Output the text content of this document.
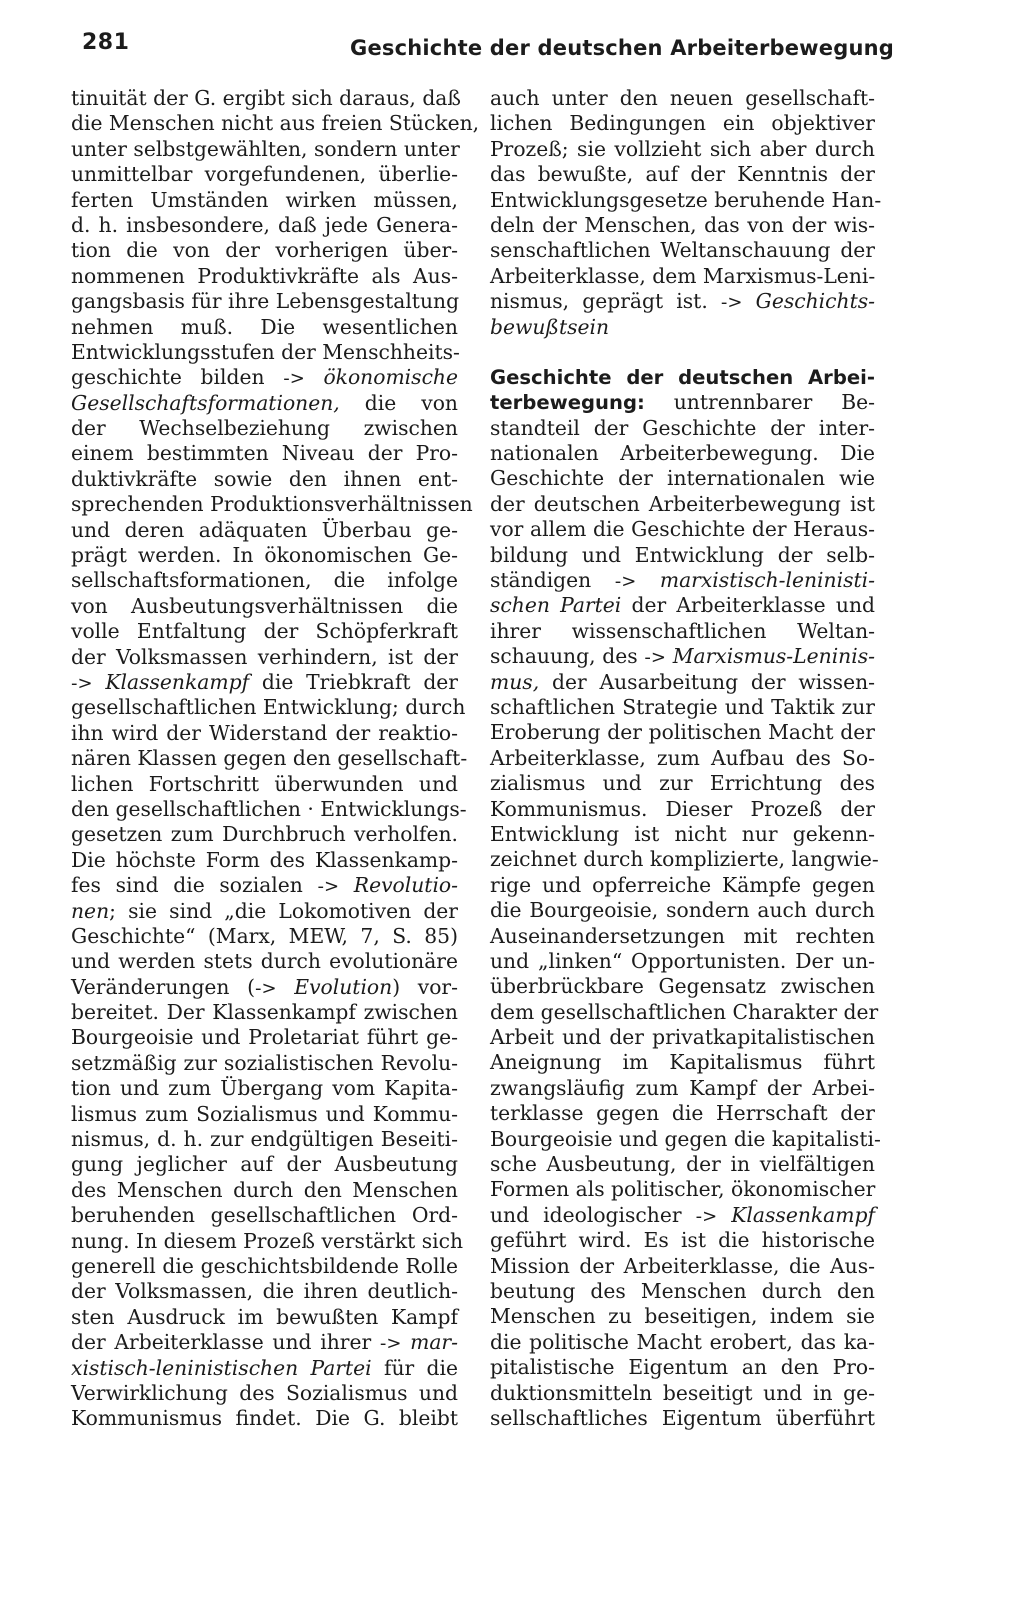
281	Geschichte der deutschen Arbeiterbewegung
tinuität der G. ergibt sich daraus, daß
die Menschen nicht aus freien Stücken,
unter selbstgewählten, sondern unter
unmittelbar vorgefundenen, überlie-
ferten Umständen wirken müssen,
d. h. insbesondere, daß jede Genera-
tion die von der vorherigen über-
nommenen Produktivkräfte als Aus-
gangsbasis für ihre Lebensgestaltung
nehmen muß. Die wesentlichen
Entwicklungsstufen der Menschheits-
geschichte bilden -> ökonomische
Gesellschaftsformationen, die von
der Wechselbeziehung zwischen
einem bestimmten Niveau der Pro-
duktivkräfte sowie den ihnen ent-
sprechenden Produktionsverhältnissen
und deren adäquaten Überbau ge-
prägt werden. In ökonomischen Ge-
sellschaftsformationen, die infolge
von Ausbeutungsverhältnissen die
volle Entfaltung der Schöpferkraft
der Volksmassen verhindern, ist der
-> Klassenkampf die Triebkraft der
gesellschaftlichen Entwicklung; durch
ihn wird der Widerstand der reaktio-
nären Klassen gegen den gesellschaft-
lichen Fortschritt überwunden und
den gesellschaftlichen · Entwicklungs-
gesetzen zum Durchbruch verholfen.
Die höchste Form des Klassenkamp-
fes sind die sozialen -> Revolutio-
nen; sie sind „die Lokomotiven der
Geschichte“ (Marx, MEW, 7, S. 85)
und werden stets durch evolutionäre
Veränderungen (-> Evolution) vor-
bereitet. Der Klassenkampf zwischen
Bourgeoisie und Proletariat führt ge-
setzmäßig zur sozialistischen Revolu-
tion und zum Übergang vom Kapita-
lismus zum Sozialismus und Kommu-
nismus, d. h. zur endgültigen Beseiti-
gung jeglicher auf der Ausbeutung
des Menschen durch den Menschen
beruhenden gesellschaftlichen Ord-
nung. In diesem Prozeß verstärkt sich
generell die geschichtsbildende Rolle
der Volksmassen, die ihren deutlich-
sten Ausdruck im bewußten Kampf
der Arbeiterklasse und ihrer -> mar-
xistisch-leninistischen Partei für die
Verwirklichung des Sozialismus und
Kommunismus findet. Die G. bleibt
auch unter den neuen gesellschaft-
lichen Bedingungen ein objektiver
Prozeß; sie vollzieht sich aber durch
das bewußte, auf der Kenntnis der
Entwicklungsgesetze beruhende Han-
deln der Menschen, das von der wis-
senschaftlichen Weltanschauung der
Arbeiterklasse, dem Marxismus-Leni-
nismus, geprägt ist. -> Geschichts-
bewußtsein
Geschichte der deutschen Arbei-
terbewegung: untrennbarer Be-
standteil der Geschichte der inter-
nationalen Arbeiterbewegung. Die
Geschichte der internationalen wie
der deutschen Arbeiterbewegung ist
vor allem die Geschichte der Heraus-
bildung und Entwicklung der selb-
ständigen -> marxistisch-leninisti-
schen Partei der Arbeiterklasse und
ihrer wissenschaftlichen Weltan-
schauung, des -> Marxismus-Leninis-
mus, der Ausarbeitung der wissen-
schaftlichen Strategie und Taktik zur
Eroberung der politischen Macht der
Arbeiterklasse, zum Aufbau des So-
zialismus und zur Errichtung des
Kommunismus. Dieser Prozeß der
Entwicklung ist nicht nur gekenn-
zeichnet durch komplizierte, langwie-
rige und opferreiche Kämpfe gegen
die Bourgeoisie, sondern auch durch
Auseinandersetzungen mit rechten
und „linken“ Opportunisten. Der un-
überbrückbare Gegensatz zwischen
dem gesellschaftlichen Charakter der
Arbeit und der privatkapitalistischen
Aneignung im Kapitalismus führt
zwangsläufig zum Kampf der Arbei-
terklasse gegen die Herrschaft der
Bourgeoisie und gegen die kapitalisti-
sche Ausbeutung, der in vielfältigen
Formen als politischer, ökonomischer
und ideologischer -> Klassenkampf
geführt wird. Es ist die historische
Mission der Arbeiterklasse, die Aus-
beutung des Menschen durch den
Menschen zu beseitigen, indem sie
die politische Macht erobert, das ka-
pitalistische Eigentum an den Pro-
duktionsmitteln beseitigt und in ge-
sellschaftliches Eigentum überführt
